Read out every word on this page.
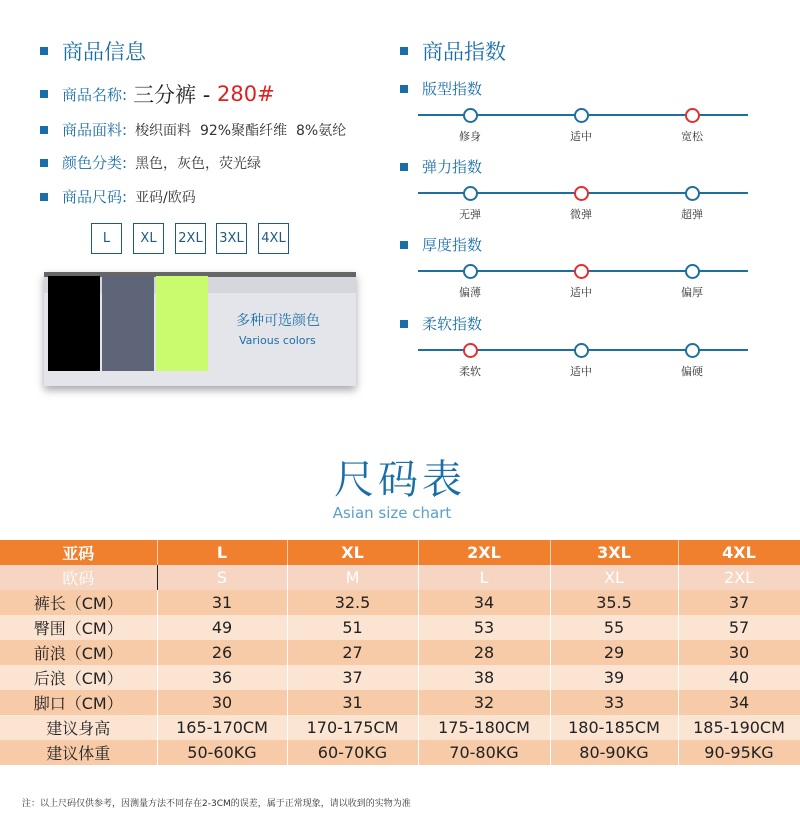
商品信息
商品名称: 三分裤 - 280#
商品面料: 梭织面料  92%聚酯纤维  8%氨纶
颜色分类: 黑色，灰色，荧光绿
商品尺码: 亚码/欧码
L	XL	2XL 3XL 4XL
多种可选颜色
Various colors
商品指数
版型指数
修身	适中	宽松
弹力指数
无弹	微弹	超弹
厚度指数
偏薄	适中	偏厚
柔软指数
柔软	适中	偏硬
尺码表
Asian size chart
亚码	L	XL	2XL	3XL	4XL
欧码	S	M	L	XL	2XL
裤长（CM）	31	32.5	34	35.5	37
臀围（CM）	49	51	53	55	57
前浪（CM）	26	27	28	29	30
后浪（CM）	36	37	38	39	40
脚口（CM）	30	31	32	33	34
建议身高	165-170CM	170-175CM	175-180CM	180-185CM	185-190CM
建议体重	50-60KG	60-70KG	70-80KG	80-90KG	90-95KG
注：以上尺码仅供参考，因测量方法不同存在2-3CM的误差，属于正常现象，请以收到的实物为准
